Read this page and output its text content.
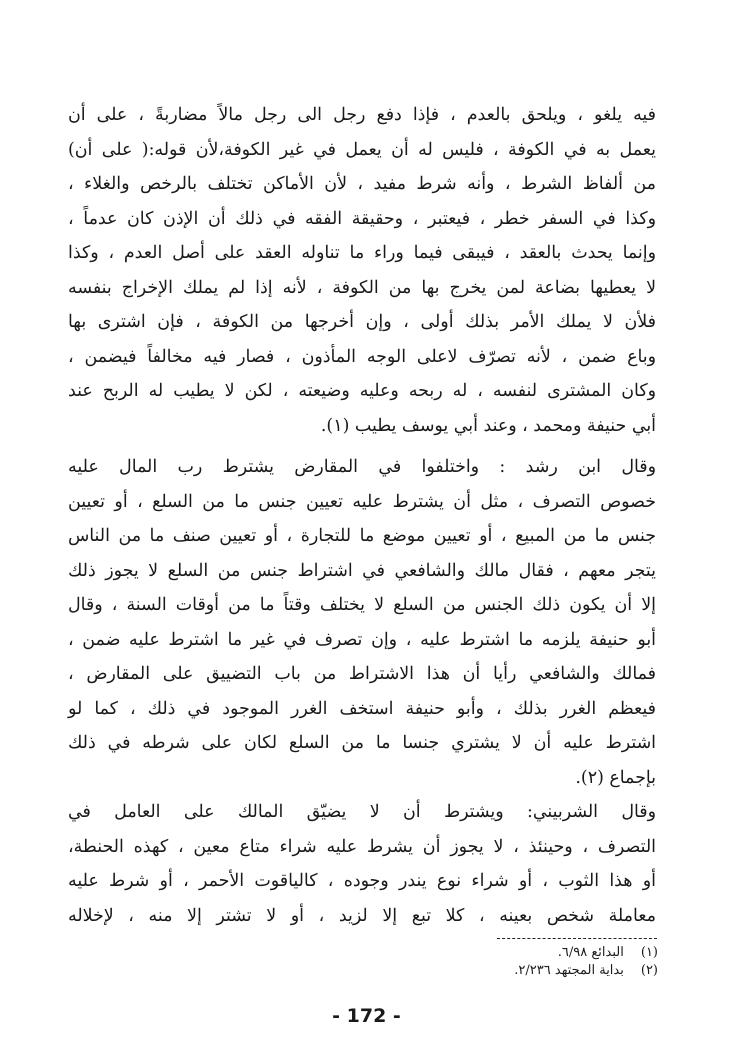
فيه يلغو ، ويلحق بالعدم ، فإذا دفع رجل الى رجل مالاً مضاربةً ، على أن
يعمل به في الكوفة ، فليس له أن يعمل في غير الكوفة،لأن قوله:( على أن)
من ألفاظ الشرط ، وأنه شرط مفيد ، لأن الأماكن تختلف بالرخص والغلاء ،
وكذا في السفر خطر ، فيعتبر ، وحقيقة الفقه في ذلك أن الإذن كان عدماً ،
وإنما يحدث بالعقد ، فيبقى فيما وراء ما تناوله العقد على أصل العدم ، وكذا
لا يعطيها بضاعة لمن يخرج بها من الكوفة ، لأنه إذا لم يملك الإخراج بنفسه
فلأن لا يملك الأمر بذلك أولى ، وإن أخرجها من الكوفة ، فإن اشترى بها
وباع ضمن ، لأنه تصرّف لاعلى الوجه المأذون ، فصار فيه مخالفاً فيضمن ،
وكان المشترى لنفسه ، له ربحه وعليه وضيعته ، لكن لا يطيب له الربح عند
أبي حنيفة ومحمد ، وعند أبي يوسف يطيب (١).
وقال ابن رشد : واختلفوا في المقارض يشترط رب المال عليه
خصوص التصرف ، مثل أن يشترط عليه تعيين جنس ما من السلع ، أو تعيين
جنس ما من المبيع ، أو تعيين موضع ما للتجارة ، أو تعيين صنف ما من الناس
يتجر معهم ، فقال مالك والشافعي في اشتراط جنس من السلع لا يجوز ذلك
إلا أن يكون ذلك الجنس من السلع لا يختلف وقتاً ما من أوقات السنة ، وقال
أبو حنيفة يلزمه ما اشترط عليه ، وإن تصرف في غير ما اشترط عليه ضمن ،
فمالك والشافعي رأيا أن هذا الاشتراط من باب التضييق على المقارض ،
فيعظم الغرر بذلك ، وأبو حنيفة استخف الغرر الموجود في ذلك ، كما لو
اشترط عليه أن لا يشتري جنسا ما من السلع لكان على شرطه في ذلك
بإجماع (٢).
وقال الشربيني: ويشترط أن لا يضيّق المالك على العامل في
التصرف ، وحينئذ ، لا يجوز أن يشرط عليه شراء متاع معين ، كهذه الحنطة،
أو هذا الثوب ، أو شراء نوع يندر وجوده ، كالياقوت الأحمر ، أو شرط عليه
معاملة شخص بعينه ، كلا تبع إلا لزيد ، أو لا تشتر إلا منه ، لإخلاله
(١) البدائع ٦/٩٨.
(٢) بداية المجتهد ٢/٢٣٦.
- 172 -
